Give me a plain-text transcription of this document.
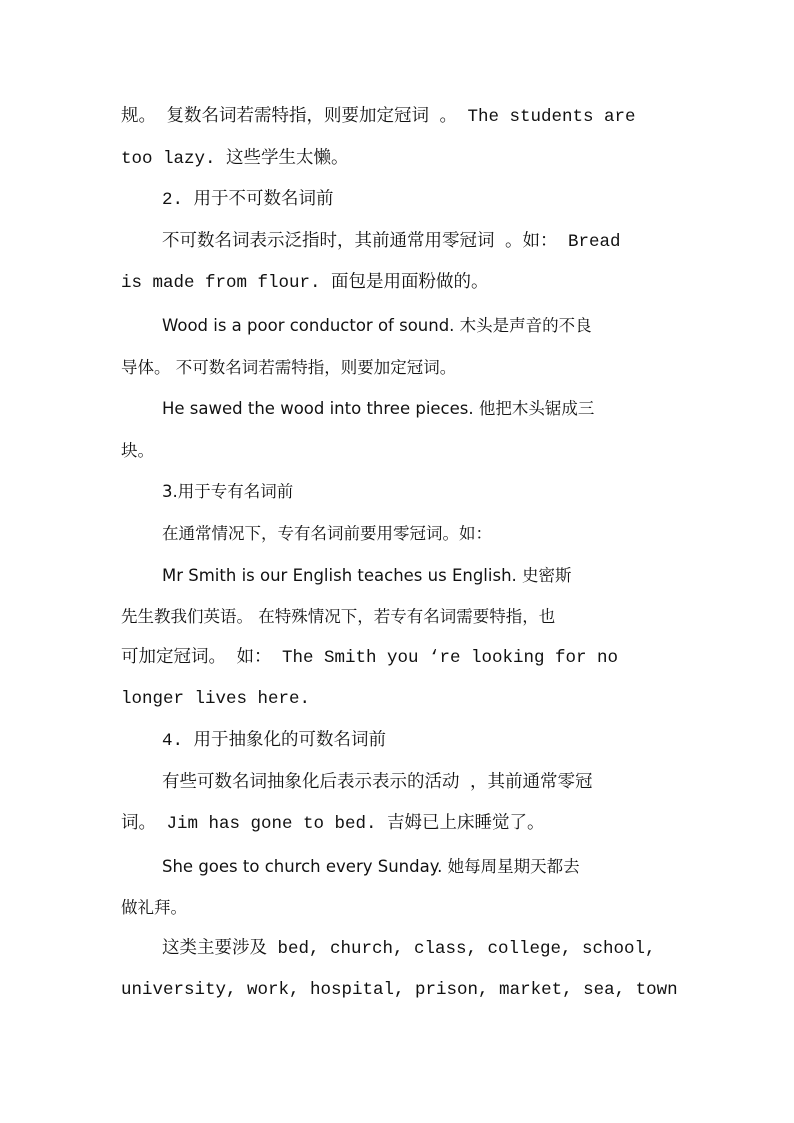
规。 复数名词若需特指，则要加定冠词 。 The students are
too lazy. 这些学生太懒。
2. 用于不可数名词前
不可数名词表示泛指时，其前通常用零冠词 。如： Bread
is made from flour. 面包是用面粉做的。
Wood is a poor conductor of sound. 木头是声音的不良
导体。 不可数名词若需特指，则要加定冠词。
He sawed the wood into three pieces. 他把木头锯成三
块。
3.用于专有名词前
在通常情况下，专有名词前要用零冠词。如：
Mr Smith is our English teaches us English. 史密斯
先生教我们英语。 在特殊情况下，若专有名词需要特指，也
可加定冠词。 如： The Smith you ‘re looking for no
longer lives here.
4. 用于抽象化的可数名词前
有些可数名词抽象化后表示表示的活动 ，其前通常零冠
词。 Jim has gone to bed. 吉姆已上床睡觉了。
She goes to church every Sunday. 她每周星期天都去
做礼拜。
这类主要涉及 bed, church, class, college, school,
university, work, hospital, prison, market, sea, town
